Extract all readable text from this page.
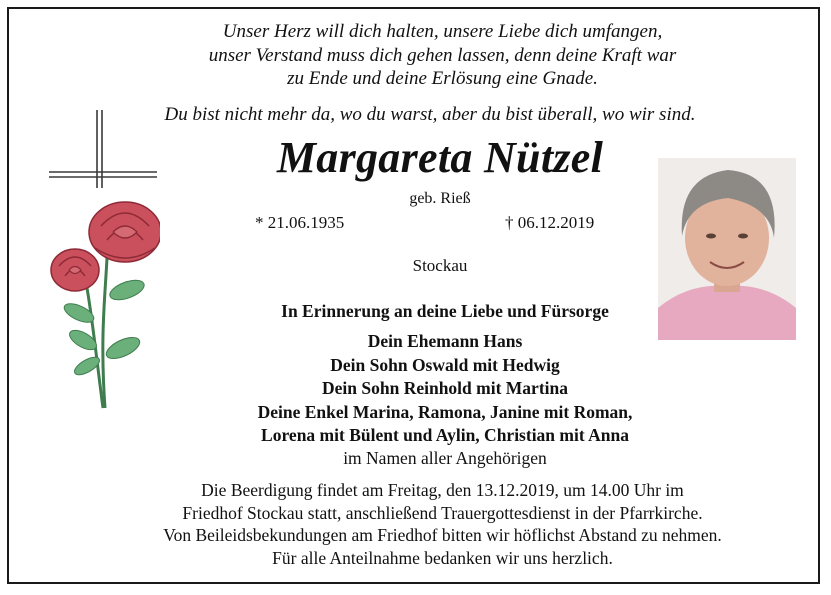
Unser Herz will dich halten, unsere Liebe dich umfangen,
unser Verstand muss dich gehen lassen, denn deine Kraft war
zu Ende und deine Erlösung eine Gnade.
Du bist nicht mehr da, wo du warst, aber du bist überall, wo wir sind.
Margareta Nützel
geb. Rieß
* 21.06.1935	† 06.12.2019
Stockau
In Erinnerung an deine Liebe und Fürsorge
Dein Ehemann Hans
Dein Sohn Oswald mit Hedwig
Dein Sohn Reinhold mit Martina
Deine Enkel Marina, Ramona, Janine mit Roman,
Lorena mit Bülent und Aylin, Christian mit Anna
im Namen aller Angehörigen
Die Beerdigung findet am Freitag, den 13.12.2019, um 14.00 Uhr im
Friedhof Stockau statt, anschließend Trauergottesdienst in der Pfarrkirche.
Von Beileidsbekundungen am Friedhof bitten wir höflichst Abstand zu nehmen.
Für alle Anteilnahme bedanken wir uns herzlich.
